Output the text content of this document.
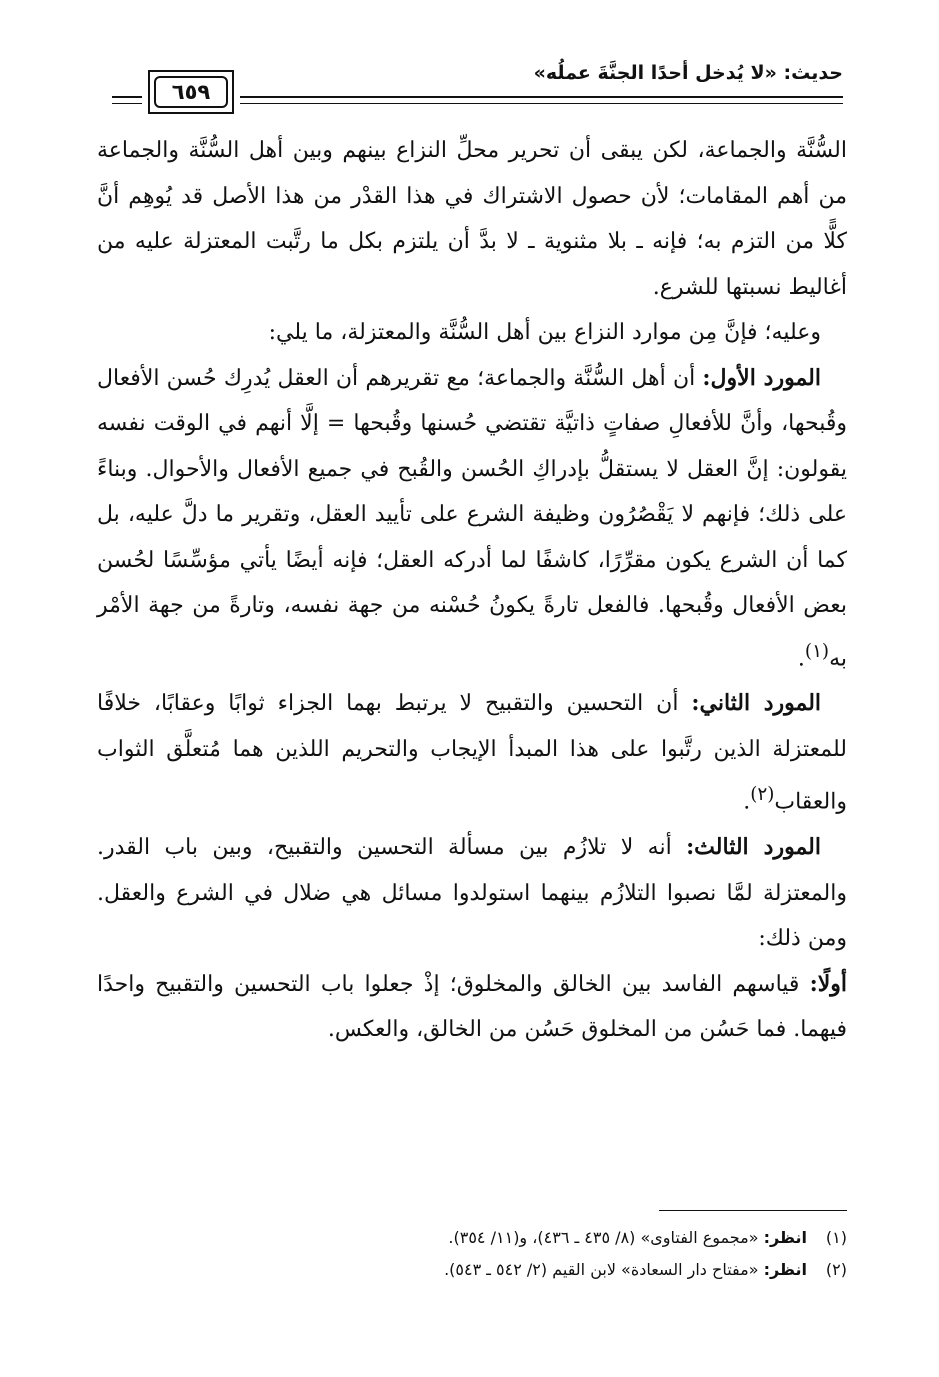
حديث: «لا يُدخل أحدًا الجنَّةَ عملُه»
٦٥٩

السُّنَّة والجماعة، لكن يبقى أن تحرير محلِّ النزاع بينهم وبين أهل السُّنَّة والجماعة من أهم المقامات؛ لأن حصول الاشتراك في هذا القدْر من هذا الأصل قد يُوهِم أنَّ كلًّا من التزم به؛ فإنه ـ بلا مثنوية ـ لا بدَّ أن يلتزم بكل ما رتَّبت المعتزلة عليه من أغاليط نسبتها للشرع.

وعليه؛ فإنَّ مِن موارد النزاع بين أهل السُّنَّة والمعتزلة، ما يلي:

المورد الأول: أن أهل السُّنَّة والجماعة؛ مع تقريرهم أن العقل يُدرِك حُسن الأفعال وقُبحها، وأنَّ للأفعالِ صفاتٍ ذاتيَّة تقتضي حُسنها وقُبحها = إلَّا أنهم في الوقت نفسه يقولون: إنَّ العقل لا يستقلُّ بإدراكِ الحُسن والقُبح في جميع الأفعال والأحوال. وبناءً على ذلك؛ فإنهم لا يَقْصُرُون وظيفة الشرع على تأييد العقل، وتقرير ما دلَّ عليه، بل كما أن الشرع يكون مقرِّرًا، كاشفًا لما أدركه العقل؛ فإنه أيضًا يأتي مؤسِّسًا لحُسن بعض الأفعال وقُبحها. فالفعل تارةً يكونُ حُسْنه من جهة نفسه، وتارةً من جهة الأمْر به$^{(١)}$.

المورد الثاني: أن التحسين والتقبيح لا يرتبط بهما الجزاء ثوابًا وعقابًا، خلافًا للمعتزلة الذين رتَّبوا على هذا المبدأ الإيجاب والتحريم اللذين هما مُتعلَّق الثواب والعقاب$^{(٢)}$.

المورد الثالث: أنه لا تلازُم بين مسألة التحسين والتقبيح، وبين باب القدر. والمعتزلة لمَّا نصبوا التلازُم بينهما استولدوا مسائل هي ضلال في الشرع والعقل. ومن ذلك:

أولًا: قياسهم الفاسد بين الخالق والمخلوق؛ إذْ جعلوا باب التحسين والتقبيح واحدًا فيهما. فما حَسُن من المخلوق حَسُن من الخالق، والعكس.

(١)انظر: «مجموع الفتاوى» (٨/ ٤٣٥ ـ ٤٣٦)، و(١١/ ٣٥٤).
(٢)انظر: «مفتاح دار السعادة» لابن القيم (٢/ ٥٤٢ ـ ٥٤٣).
